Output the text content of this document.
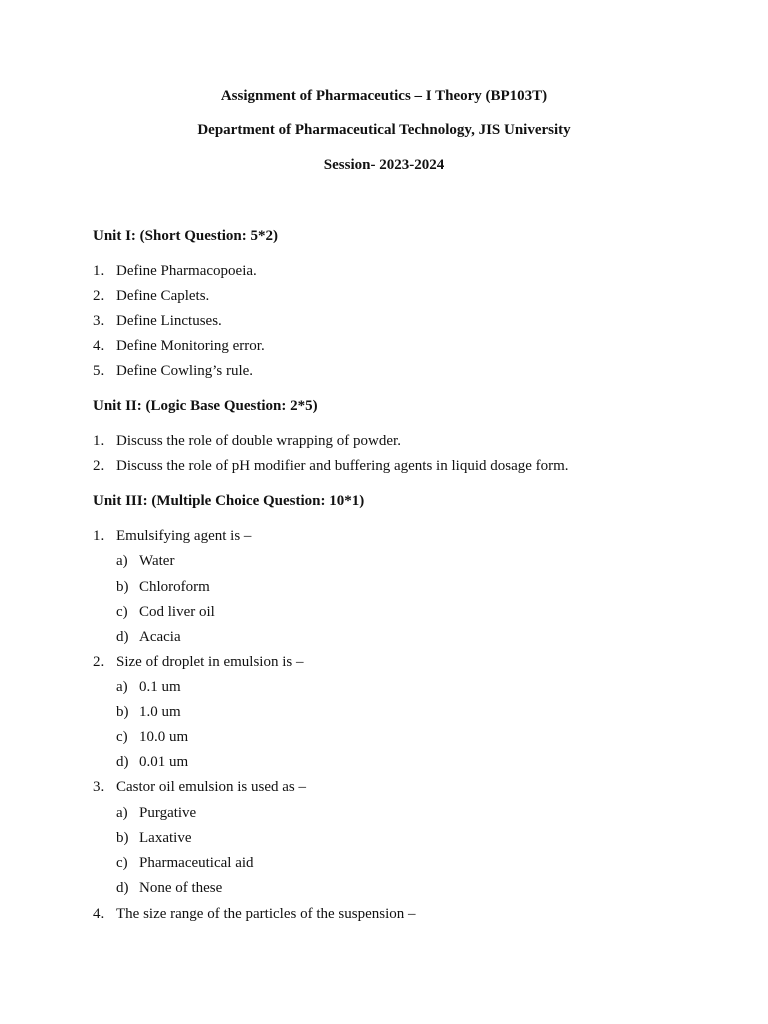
Assignment of Pharmaceutics – I Theory (BP103T)
Department of Pharmaceutical Technology, JIS University
Session- 2023-2024
Unit I: (Short Question: 5*2)
1. Define Pharmacopoeia.
2. Define Caplets.
3. Define Linctuses.
4. Define Monitoring error.
5. Define Cowling’s rule.
Unit II: (Logic Base Question: 2*5)
1. Discuss the role of double wrapping of powder.
2. Discuss the role of pH modifier and buffering agents in liquid dosage form.
Unit III: (Multiple Choice Question: 10*1)
1. Emulsifying agent is –
a) Water
b) Chloroform
c) Cod liver oil
d) Acacia
2. Size of droplet in emulsion is –
a) 0.1 um
b) 1.0 um
c) 10.0 um
d) 0.01 um
3. Castor oil emulsion is used as –
a) Purgative
b) Laxative
c) Pharmaceutical aid
d) None of these
4. The size range of the particles of the suspension –
